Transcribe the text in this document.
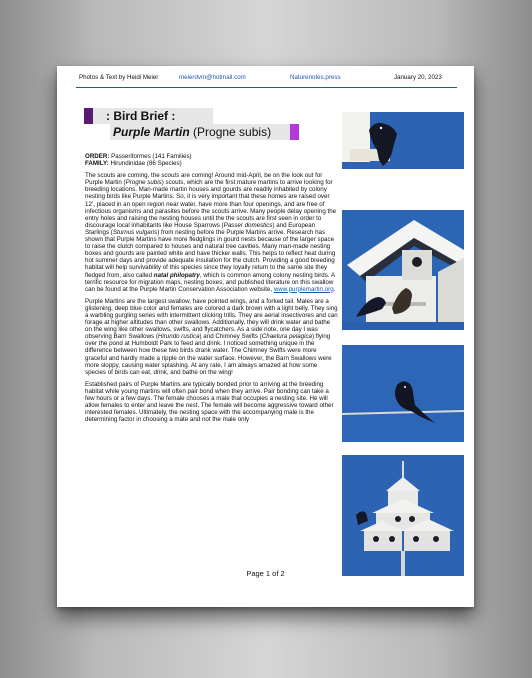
Photos & Text by Heidi Meier	meierdvm@hotmail.com	Naturenotes.press	January 20, 2023
: Bird Brief :
Purple Martin (Progne subis)

ORDER: Passeriformes (141 Families)
FAMILY: Hirundinidae (86 Species)

The scouts are coming, the scouts are coming! Around mid-April, be on the look out for Purple Martin (Progne subis) scouts, which are the first mature martins to arrive looking for breeding locations. Man-made martin houses and gourds are readily inhabited by colony nesting birds like Purple Martins. So, it is very important that these homes are raised over 12’, placed in an open region near water, have more than four openings, and are free of infectious organisms and parasites before the scouts arrive. Many people delay opening the entry holes and raising the nesting houses until the the scouts are first seen in order to discourage local inhabitants like House Sparrows (Passer domestics) and European Starlings (Sturnus vulgaris) from nesting before the Purple Martins arrive. Research has shown that Purple Martins have more fledglings in gourd nests because of the larger space to raise the clutch compared to houses and natural tree cavities. Many man-made nesting boxes and gourds are painted white and have thicker walls. This helps to reflect heat during hot summer days and provide adequate insulation for the clutch. Providing a good breeding habitat will help survivability of this species since they loyally return to the same site they fledged from, also called natal philopatry, which is common among colony nesting birds. A terrific resource for migration maps, nesting boxes, and published literature on this swallow can be found at the Purple Martin Conservation Association website, www.purplemartin.org.

Purple Martins are the largest swallow, have pointed wings, and a forked tail. Males are a glistening, deep blue color and females are colored a dark brown with a light belly. They sing a warbling gurgling series with intermittent clicking trills. They are aerial insectivores and can forage at higher altitudes than other swallows. Additionally, they will drink water and bathe on the wing like other swallows, swifts, and flycatchers. As a side note, one day I was observing Barn Swallows (Hirundo rustica) and Chimney Swifts (Chaetura pelagica) flying over the pond at Humboldt Park to feed and drink. I noticed something unique in the difference between how these two birds drank water. The Chimney Swifts were more graceful and hardly made a ripple on the water surface. However, the Barn Swallows were more sloppy, causing water splashing. At any rate, I am always amazed at how some species of birds can eat, drink, and bathe on the wing!

Established pairs of Purple Martins are typically bonded prior to arriving at the breeding habitat while young martins will often pair bond when they arrive. Pair bonding can take a few hours or a few days. The female chooses a male that occupies a nesting site. He will allow females to enter and leave the nest. The female will become aggressive toward other interested females. Ultimately, the nesting space with the accompanying male is the determining factor in choosing a mate and not the male only

Page 1 of 2
